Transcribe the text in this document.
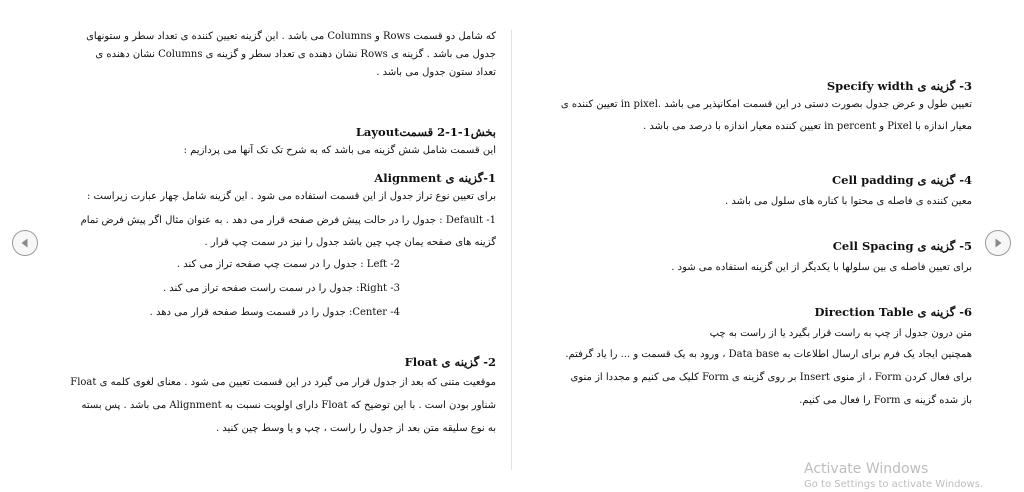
که شامل دو قسمت Rows و Columns می باشد . این گزینه تعیین کننده ی تعداد سطر و ستونهای

جدول می باشد . گزینه ی Rows نشان دهنده ی تعداد سطر و گزینه ی Columns نشان دهنده ی

تعداد ستون جدول می باشد .

بخش1-1-2 قسمتLayout

این قسمت شامل شش گزینه می باشد که به شرح تک تک آنها می پردازیم :

1-گزینه ی Alignment

برای تعیین نوع تراز جدول از این قسمت استفاده می شود . این گزینه شامل چهار عبارت زیراست :

Default -1 : جدول را در حالت پیش فرض صفحه قرار می دهد . به عنوان مثال اگر پیش فرض تمام

گزینه های صفحه یمان چپ چین باشد جدول را نیز در سمت چپ قرار .

Left -2 : جدول را در سمت چپ صفحه تراز می کند .

Right -3: جدول را در سمت راست صفحه تراز می کند .

Center -4: جدول را در قسمت وسط صفحه قرار می دهد .

2- گزینه ی Float

موقعیت متنی که بعد از جدول قرار می گیرد در این قسمت تعیین می شود . معنای لغوی کلمه ی Float

شناور بودن است . با این توضیح که Float دارای اولویت نسبت به Alignment می باشد . پس بسته

به نوع سلیقه متن بعد از جدول را راست ، چپ و یا وسط چین کنید .

3- گزینه ی Specify width

تعیین طول و عرض جدول بصورت دستی در این قسمت امکانپذیر می باشد .in pixel تعیین کننده ی

معیار اندازه با Pixel و in percent تعیین کننده معیار اندازه با درصد می باشد .

4- گزینه ی Cell padding

معین کننده ی فاصله ی محتوا با کناره های سلول می باشد .

5- گزینه ی Cell Spacing

برای تعیین فاصله ی بین سلولها با یکدیگر از این گزینه استفاده می شود .

6- گزینه ی Direction Table

متن درون جدول از چپ به راست قرار بگیرد یا از راست به چپ

همچنین ایجاد یک فرم برای ارسال اطلاعات به Data base ، ورود به یک قسمت و ... را یاد گرفتم.

برای فعال کردن Form ، از منوی Insert بر روی گزینه ی Form کلیک می کنیم و مجددا از منوی

باز شده گزینه ی Form را فعال می کنیم.

Activate Windows
Go to Settings to activate Windows.
